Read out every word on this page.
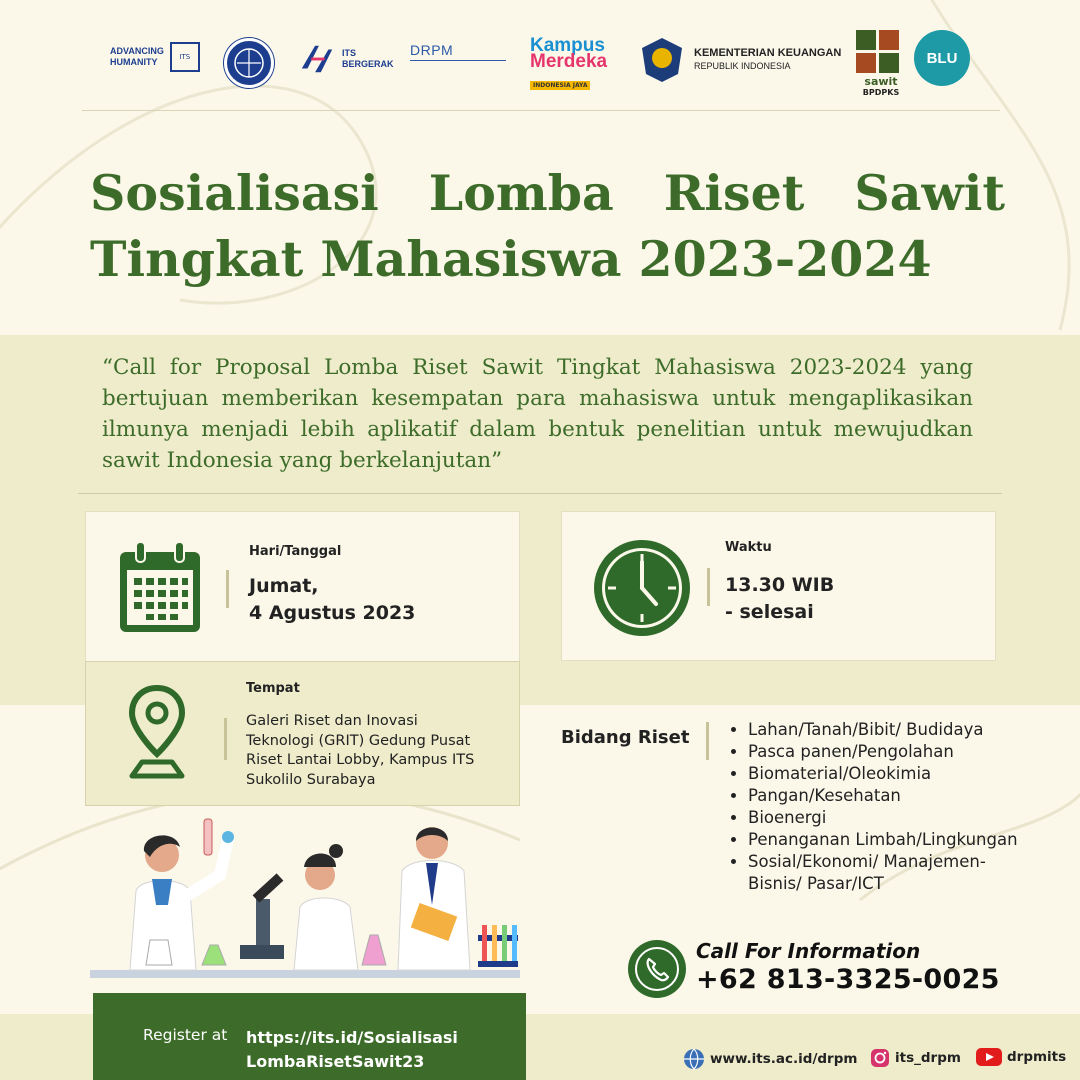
ADVANCING
HUMANITY	ITS	ITS
BERGERAK
DRPM	Kampus
Merdeka
INDONESIA JAYA
KEMENTERIAN KEUANGAN
REPUBLIK INDONESIA
sawit
BPDPKS
BLU
Sosialisasi Lomba Riset Sawit
Tingkat Mahasiswa 2023-2024
“Call for Proposal Lomba Riset Sawit Tingkat Mahasiswa 2023-2024 yang bertujuan memberikan kesempatan para mahasiswa untuk mengaplikasikan ilmunya menjadi lebih aplikatif dalam bentuk penelitian untuk mewujudkan sawit Indonesia yang berkelanjutan”
Hari/Tanggal
Jumat,
4 Agustus 2023
Waktu
13.30 WIB
- selesai
Tempat
Galeri Riset dan Inovasi
Teknologi (GRIT) Gedung Pusat
Riset Lantai Lobby, Kampus ITS
Sukolilo Surabaya
Bidang Riset
•	Lahan/Tanah/Bibit/ Budidaya
• Pasca panen/Pengolahan
• Biomaterial/Oleokimia
• Pangan/Kesehatan
• Bioenergi
• Penanganan Limbah/Lingkungan
• Sosial/Ekonomi/ Manajemen-Bisnis/ Pasar/ICT
Call For Information
+62 813-3325-0025
Register at https://its.id/Sosialisasi
LombaRisetSawit23	www.its.ac.id/drpm	its_drpm	drpmits
